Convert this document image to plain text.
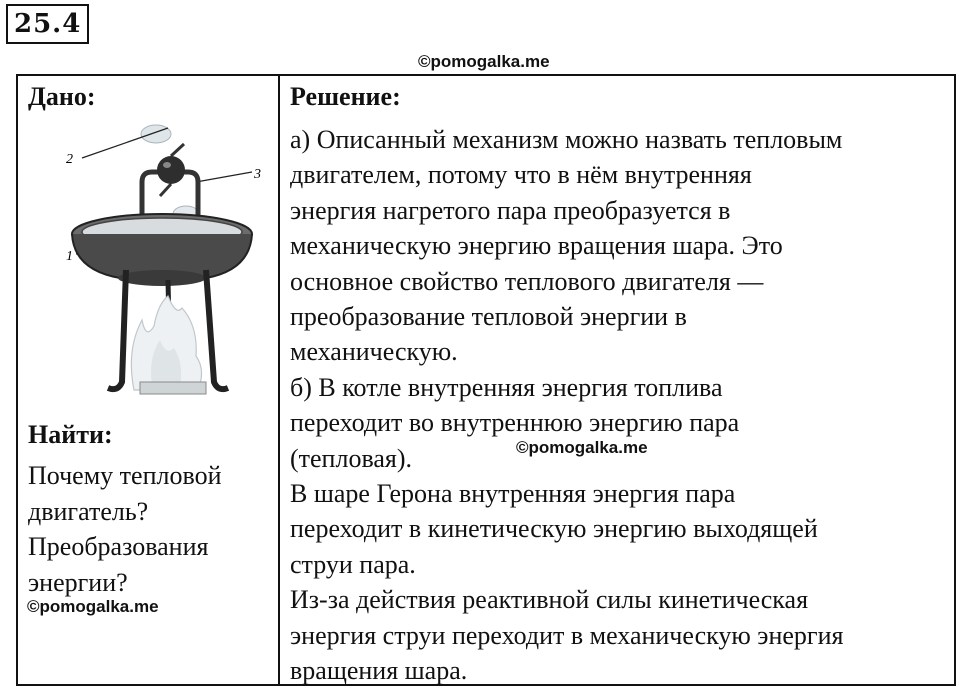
25.4
©pomogalka.me
Дано:
2
3
1
Найти:
Почему тепловой
двигатель?
Преобразования
энергии?
Решение:
а) Описанный механизм можно назвать тепловым
двигателем, потому что в нём внутренняя
энергия нагретого пара преобразуется в
механическую энергию вращения шара. Это
основное свойство теплового двигателя —
преобразование тепловой энергии в
механическую.
б) В котле внутренняя энергия топлива
переходит во внутреннюю энергию пара
(тепловая).
В шаре Герона внутренняя энергия пара
переходит в кинетическую энергию выходящей
струи пара.
Из-за действия реактивной силы кинетическая
энергия струи переходит в механическую энергия
вращения шара.
©pomogalka.me
©pomogalka.me
